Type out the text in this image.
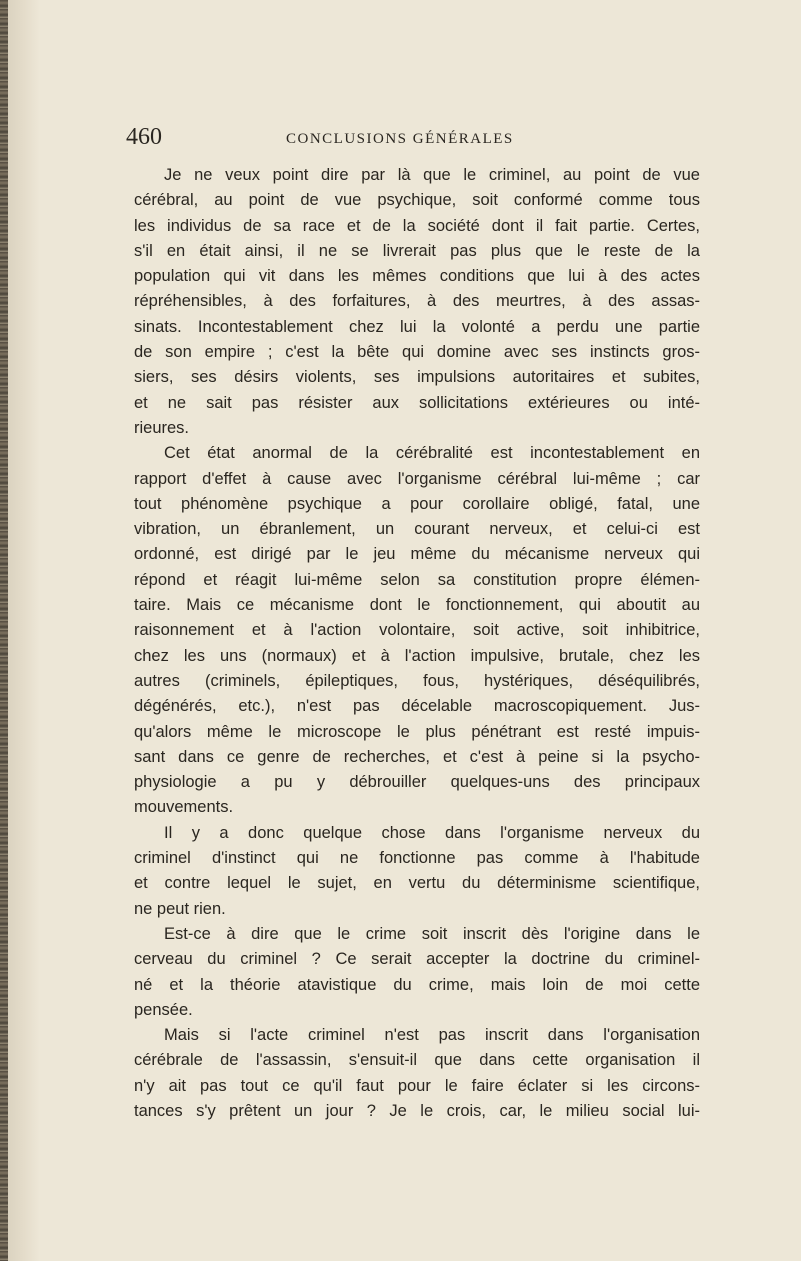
460	CONCLUSIONS GÉNÉRALES
Je ne veux point dire par là que le criminel, au point de vue
cérébral, au point de vue psychique, soit conformé comme tous
les individus de sa race et de la société dont il fait partie. Certes,
s'il en était ainsi, il ne se livrerait pas plus que le reste de la
population qui vit dans les mêmes conditions que lui à des actes
répréhensibles, à des forfaitures, à des meurtres, à des assas-
sinats. Incontestablement chez lui la volonté a perdu une partie
de son empire ; c'est la bête qui domine avec ses instincts gros-
siers, ses désirs violents, ses impulsions autoritaires et subites,
et ne sait pas résister aux sollicitations extérieures ou inté-
rieures.
Cet état anormal de la cérébralité est incontestablement en
rapport d'effet à cause avec l'organisme cérébral lui-même ; car
tout phénomène psychique a pour corollaire obligé, fatal, une
vibration, un ébranlement, un courant nerveux, et celui-ci est
ordonné, est dirigé par le jeu même du mécanisme nerveux qui
répond et réagit lui-même selon sa constitution propre élémen-
taire. Mais ce mécanisme dont le fonctionnement, qui aboutit au
raisonnement et à l'action volontaire, soit active, soit inhibitrice,
chez les uns (normaux) et à l'action impulsive, brutale, chez les
autres (criminels, épileptiques, fous, hystériques, déséquilibrés,
dégénérés, etc.), n'est pas décelable macroscopiquement. Jus-
qu'alors même le microscope le plus pénétrant est resté impuis-
sant dans ce genre de recherches, et c'est à peine si la psycho-
physiologie a pu y débrouiller quelques-uns des principaux
mouvements.
Il y a donc quelque chose dans l'organisme nerveux du
criminel d'instinct qui ne fonctionne pas comme à l'habitude
et contre lequel le sujet, en vertu du déterminisme scientifique,
ne peut rien.
Est-ce à dire que le crime soit inscrit dès l'origine dans le
cerveau du criminel ? Ce serait accepter la doctrine du criminel-
né et la théorie atavistique du crime, mais loin de moi cette
pensée.
Mais si l'acte criminel n'est pas inscrit dans l'organisation
cérébrale de l'assassin, s'ensuit-il que dans cette organisation il
n'y ait pas tout ce qu'il faut pour le faire éclater si les circons-
tances s'y prêtent un jour ? Je le crois, car, le milieu social lui-
